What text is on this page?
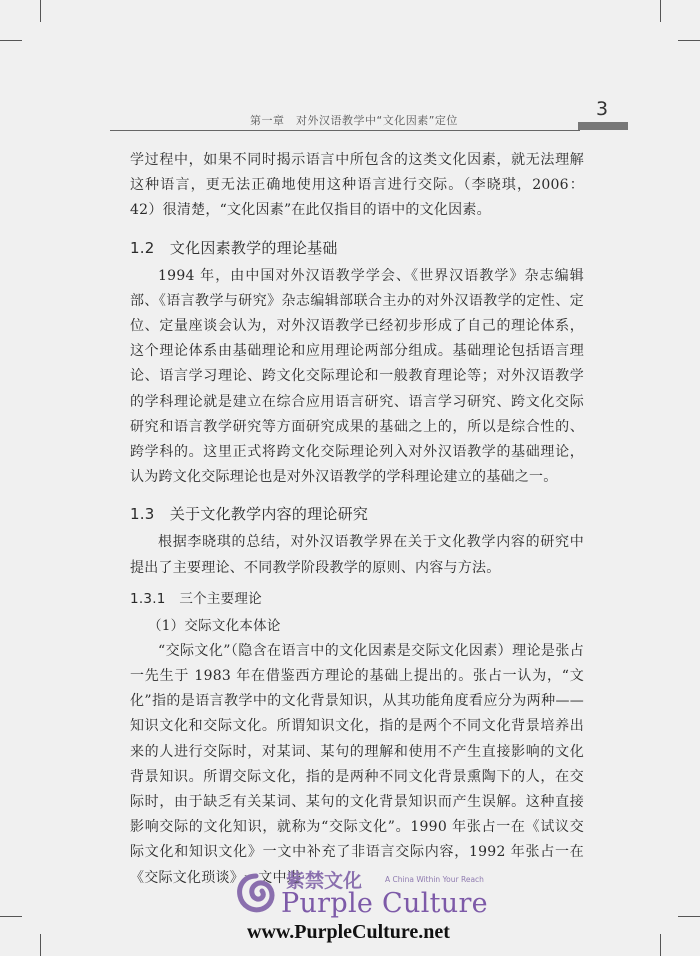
第一章　对外汉语教学中“文化因素”定位
3

学过程中，如果不同时揭示语言中所包含的这类文化因素，就无法理解这种语言，更无法正确地使用这种语言进行交际。（李晓琪，2006：42）很清楚，“文化因素”在此仅指目的语中的文化因素。

1.2　文化因素教学的理论基础

1994 年，由中国对外汉语教学学会、《世界汉语教学》杂志编辑部、《语言教学与研究》杂志编辑部联合主办的对外汉语教学的定性、定位、定量座谈会认为，对外汉语教学已经初步形成了自己的理论体系，这个理论体系由基础理论和应用理论两部分组成。基础理论包括语言理论、语言学习理论、跨文化交际理论和一般教育理论等；对外汉语教学的学科理论就是建立在综合应用语言研究、语言学习研究、跨文化交际研究和语言教学研究等方面研究成果的基础之上的，所以是综合性的、跨学科的。这里正式将跨文化交际理论列入对外汉语教学的基础理论，认为跨文化交际理论也是对外汉语教学的学科理论建立的基础之一。

1.3　关于文化教学内容的理论研究

根据李晓琪的总结，对外汉语教学界在关于文化教学内容的研究中提出了主要理论、不同教学阶段教学的原则、内容与方法。

1.3.1　三个主要理论
（1）交际文化本体论

“交际文化”（隐含在语言中的文化因素是交际文化因素）理论是张占一先生于 1983 年在借鉴西方理论的基础上提出的。张占一认为，“文化”指的是语言教学中的文化背景知识，从其功能角度看应分为两种——知识文化和交际文化。所谓知识文化，指的是两个不同文化背景培养出来的人进行交际时，对某词、某句的理解和使用不产生直接影响的文化背景知识。所谓交际文化，指的是两种不同文化背景熏陶下的人，在交际时，由于缺乏有关某词、某句的文化背景知识而产生误解。这种直接影响交际的文化知识，就称为“交际文化”。1990 年张占一在《试议交际文化和知识文化》一文中补充了非语言交际内容，1992 年张占一在《交际文化琐谈》一文中进

紫禁文化	A China Within Your Reach
Purple Culture
www.PurpleCulture.net
